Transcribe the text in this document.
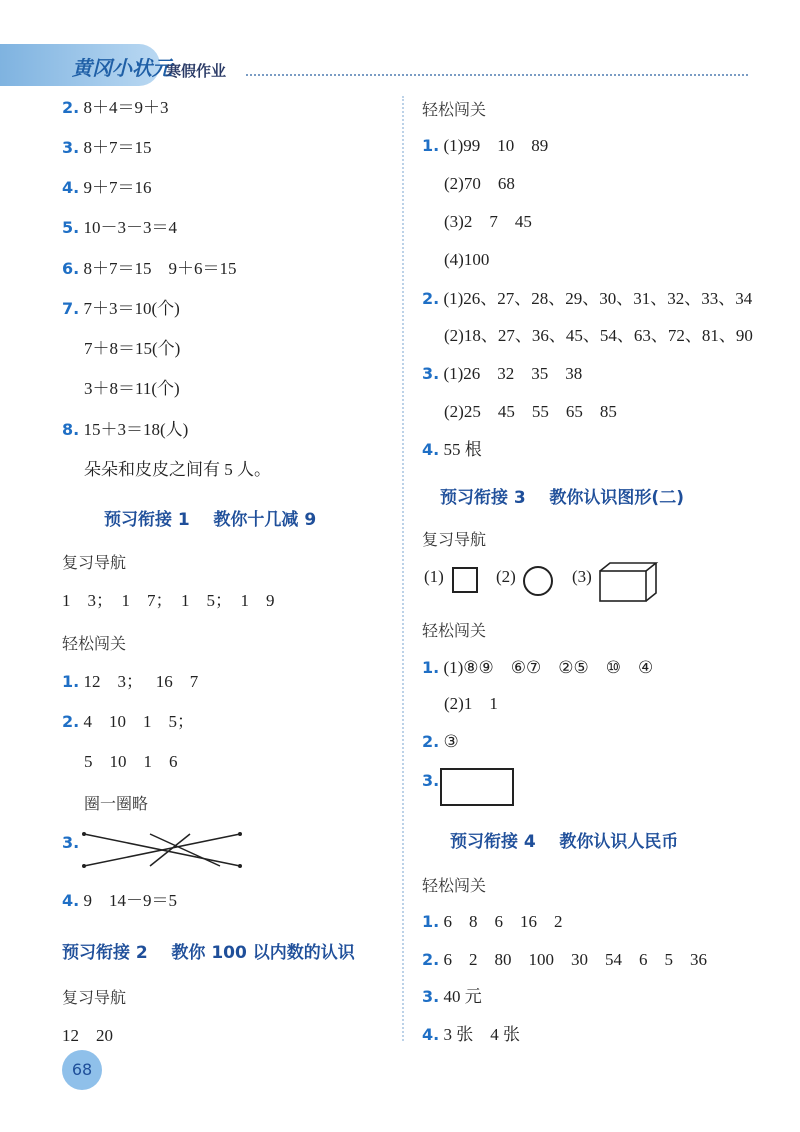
黄冈小状元
寒假作业
2. 8＋4＝9＋3
3. 8＋7＝15
4. 9＋7＝16
5. 10－3－3＝4
6. 8＋7＝15    9＋6＝15
7. 7＋3＝10(个)
7＋8＝15(个)
3＋8＝11(个)
8. 15＋3＝18(人)
朵朵和皮皮之间有 5 人。
预习衔接 1    教你十几减 9
复习导航
1    3；  1    7；  1    5；  1    9
轻松闯关
1. 12    3；   16    7
2. 4    10    1    5；
5    10    1    6
圈一圈略
3.
4. 9    14－9＝5
预习衔接 2    教你 100 以内数的认识
复习导航
12    20
轻松闯关
1. (1)99    10    89
(2)70    68
(3)2    7    45
(4)100
2. (1)26、27、28、29、30、31、32、33、34
(2)18、27、36、45、54、63、72、81、90
3. (1)26    32    35    38
(2)25    45    55    65    85
4. 55 根
预习衔接 3    教你认识图形(二)
复习导航
(1)	(2)	(3)
轻松闯关
1. (1)⑧⑨    ⑥⑦    ②⑤    ⑩    ④
(2)1    1
2. ③
3.
预习衔接 4    教你认识人民币
轻松闯关
1. 6    8    6    16    2
2. 6    2    80    100    30    54    6    5    36
3. 40 元
4. 3 张    4 张
68
